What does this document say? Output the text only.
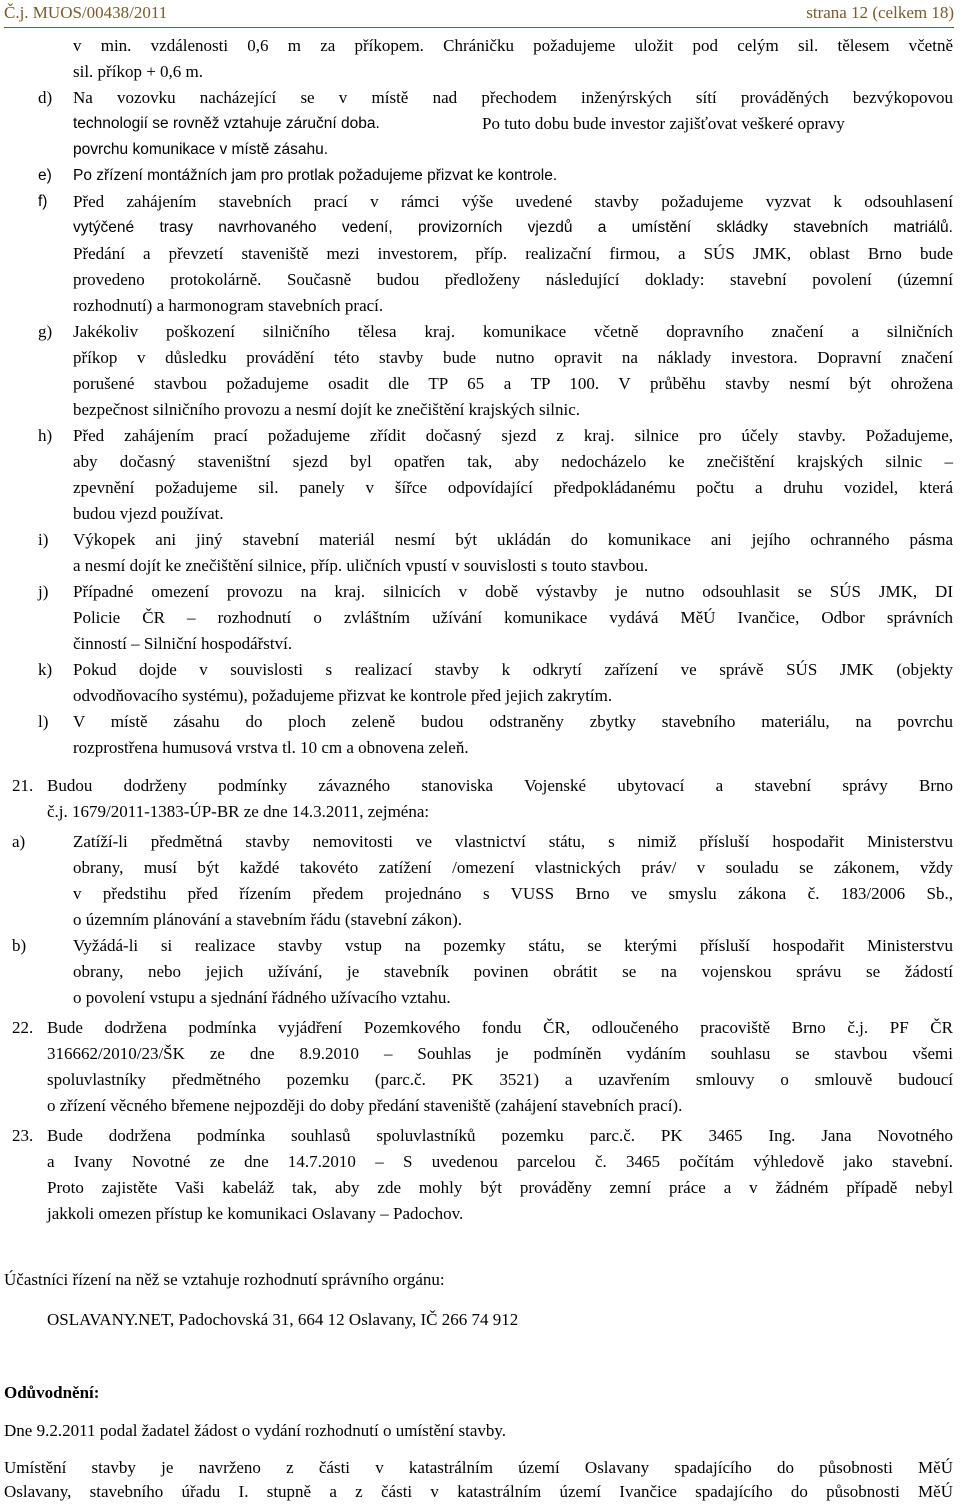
Č.j. MUOS/00438/2011	strana 12 (celkem 18)
v min. vzdálenosti 0,6 m za příkopem. Chráničku požadujeme uložit pod celým sil. tělesem včetně
sil. příkop + 0,6 m.
d) Na vozovku nacházející se v místě nad přechodem inženýrských sítí prováděných bezvýkopovou
technologií se rovněž vztahuje záruční doba.	Po tuto dobu bude investor zajišťovat veškeré opravy
povrchu komunikace v místě zásahu.
e) Po zřízení montážních jam pro protlak požadujeme přizvat ke kontrole.
f) Před zahájením stavebních prací v rámci výše uvedené stavby požadujeme vyzvat k odsouhlasení
vytýčené trasy navrhovaného vedení, provizorních vjezdů a umístění skládky stavebních matriálů.
Předání a převzetí staveniště mezi investorem, příp. realizační firmou, a SÚS JMK, oblast Brno bude
provedeno protokolárně. Současně budou předloženy následující doklady: stavební povolení (územní
rozhodnutí) a harmonogram stavebních prací.
g) Jakékoliv poškození silničního tělesa kraj. komunikace včetně dopravního značení a silničních
příkop v důsledku provádění této stavby bude nutno opravit na náklady investora. Dopravní značení
porušené stavbou požadujeme osadit dle TP 65 a TP 100. V průběhu stavby nesmí být ohrožena
bezpečnost silničního provozu a nesmí dojít ke znečištění krajských silnic.
h) Před zahájením prací požadujeme zřídit dočasný sjezd z kraj. silnice pro účely stavby. Požadujeme,
aby dočasný staveništní sjezd byl opatřen tak, aby nedocházelo ke znečištění krajských silnic –
zpevnění požadujeme sil. panely v šířce odpovídající předpokládanému počtu a druhu vozidel, která
budou vjezd používat.
i) Výkopek ani jiný stavební materiál nesmí být ukládán do komunikace ani jejího ochranného pásma
a nesmí dojít ke znečištění silnice, příp. uličních vpustí v souvislosti s touto stavbou.
j) Případné omezení provozu na kraj. silnicích v době výstavby je nutno odsouhlasit se SÚS JMK, DI
Policie ČR – rozhodnutí o zvláštním užívání komunikace vydává MěÚ Ivančice, Odbor správních
činností – Silniční hospodářství.
k) Pokud dojde v souvislosti s realizací stavby k odkrytí zařízení ve správě SÚS JMK (objekty
odvodňovacího systému), požadujeme přizvat ke kontrole před jejich zakrytím.
l) V místě zásahu do ploch zeleně budou odstraněny zbytky stavebního materiálu, na povrchu
rozprostřena humusová vrstva tl. 10 cm a obnovena zeleň.
21. Budou dodrženy podmínky závazného stanoviska Vojenské ubytovací a stavební správy Brno
č.j. 1679/2011-1383-ÚP-BR ze dne 14.3.2011, zejména:
a)	Zatíží-li předmětná stavby nemovitosti ve vlastnictví státu, s nimiž přísluší hospodařit Ministerstvu
obrany, musí být každé takovéto zatížení /omezení vlastnických práv/ v souladu se zákonem, vždy
v předstihu před řízením předem projednáno s VUSS Brno ve smyslu zákona č. 183/2006 Sb.,
o územním plánování a stavebním řádu (stavební zákon).
b)	Vyžádá-li si realizace stavby vstup na pozemky státu, se kterými přísluší hospodařit Ministerstvu
obrany, nebo jejich užívání, je stavebník povinen obrátit se na vojenskou správu se žádostí
o povolení vstupu a sjednání řádného užívacího vztahu.
22. Bude dodržena podmínka vyjádření Pozemkového fondu ČR, odloučeného pracoviště Brno č.j. PF ČR
316662/2010/23/ŠK ze dne 8.9.2010 – Souhlas je podmíněn vydáním souhlasu se stavbou všemi
spoluvlastníky předmětného pozemku (parc.č. PK 3521) a uzavřením smlouvy o smlouvě budoucí
o zřízení věcného břemene nejpozději do doby předání staveniště (zahájení stavebních prací).
23. Bude dodržena podmínka souhlasů spoluvlastníků pozemku parc.č. PK 3465 Ing. Jana Novotného
a Ivany Novotné ze dne 14.7.2010 – S uvedenou parcelou č. 3465 počítám výhledově jako stavební.
Proto zajistěte Vaši kabeláž tak, aby zde mohly být prováděny zemní práce a v žádném případě nebyl
jakkoli omezen přístup ke komunikaci Oslavany – Padochov.
Účastníci řízení na něž se vztahuje rozhodnutí správního orgánu:
OSLAVANY.NET, Padochovská 31, 664 12 Oslavany, IČ 266 74 912
Odůvodnění:
Dne 9.2.2011 podal žadatel žádost o vydání rozhodnutí o umístění stavby.
Umístění stavby je navrženo z části v katastrálním území Oslavany spadajícího do působnosti MěÚ
Oslavany, stavebního úřadu I. stupně a z části v katastrálním území Ivančice spadajícího do působnosti MěÚ
